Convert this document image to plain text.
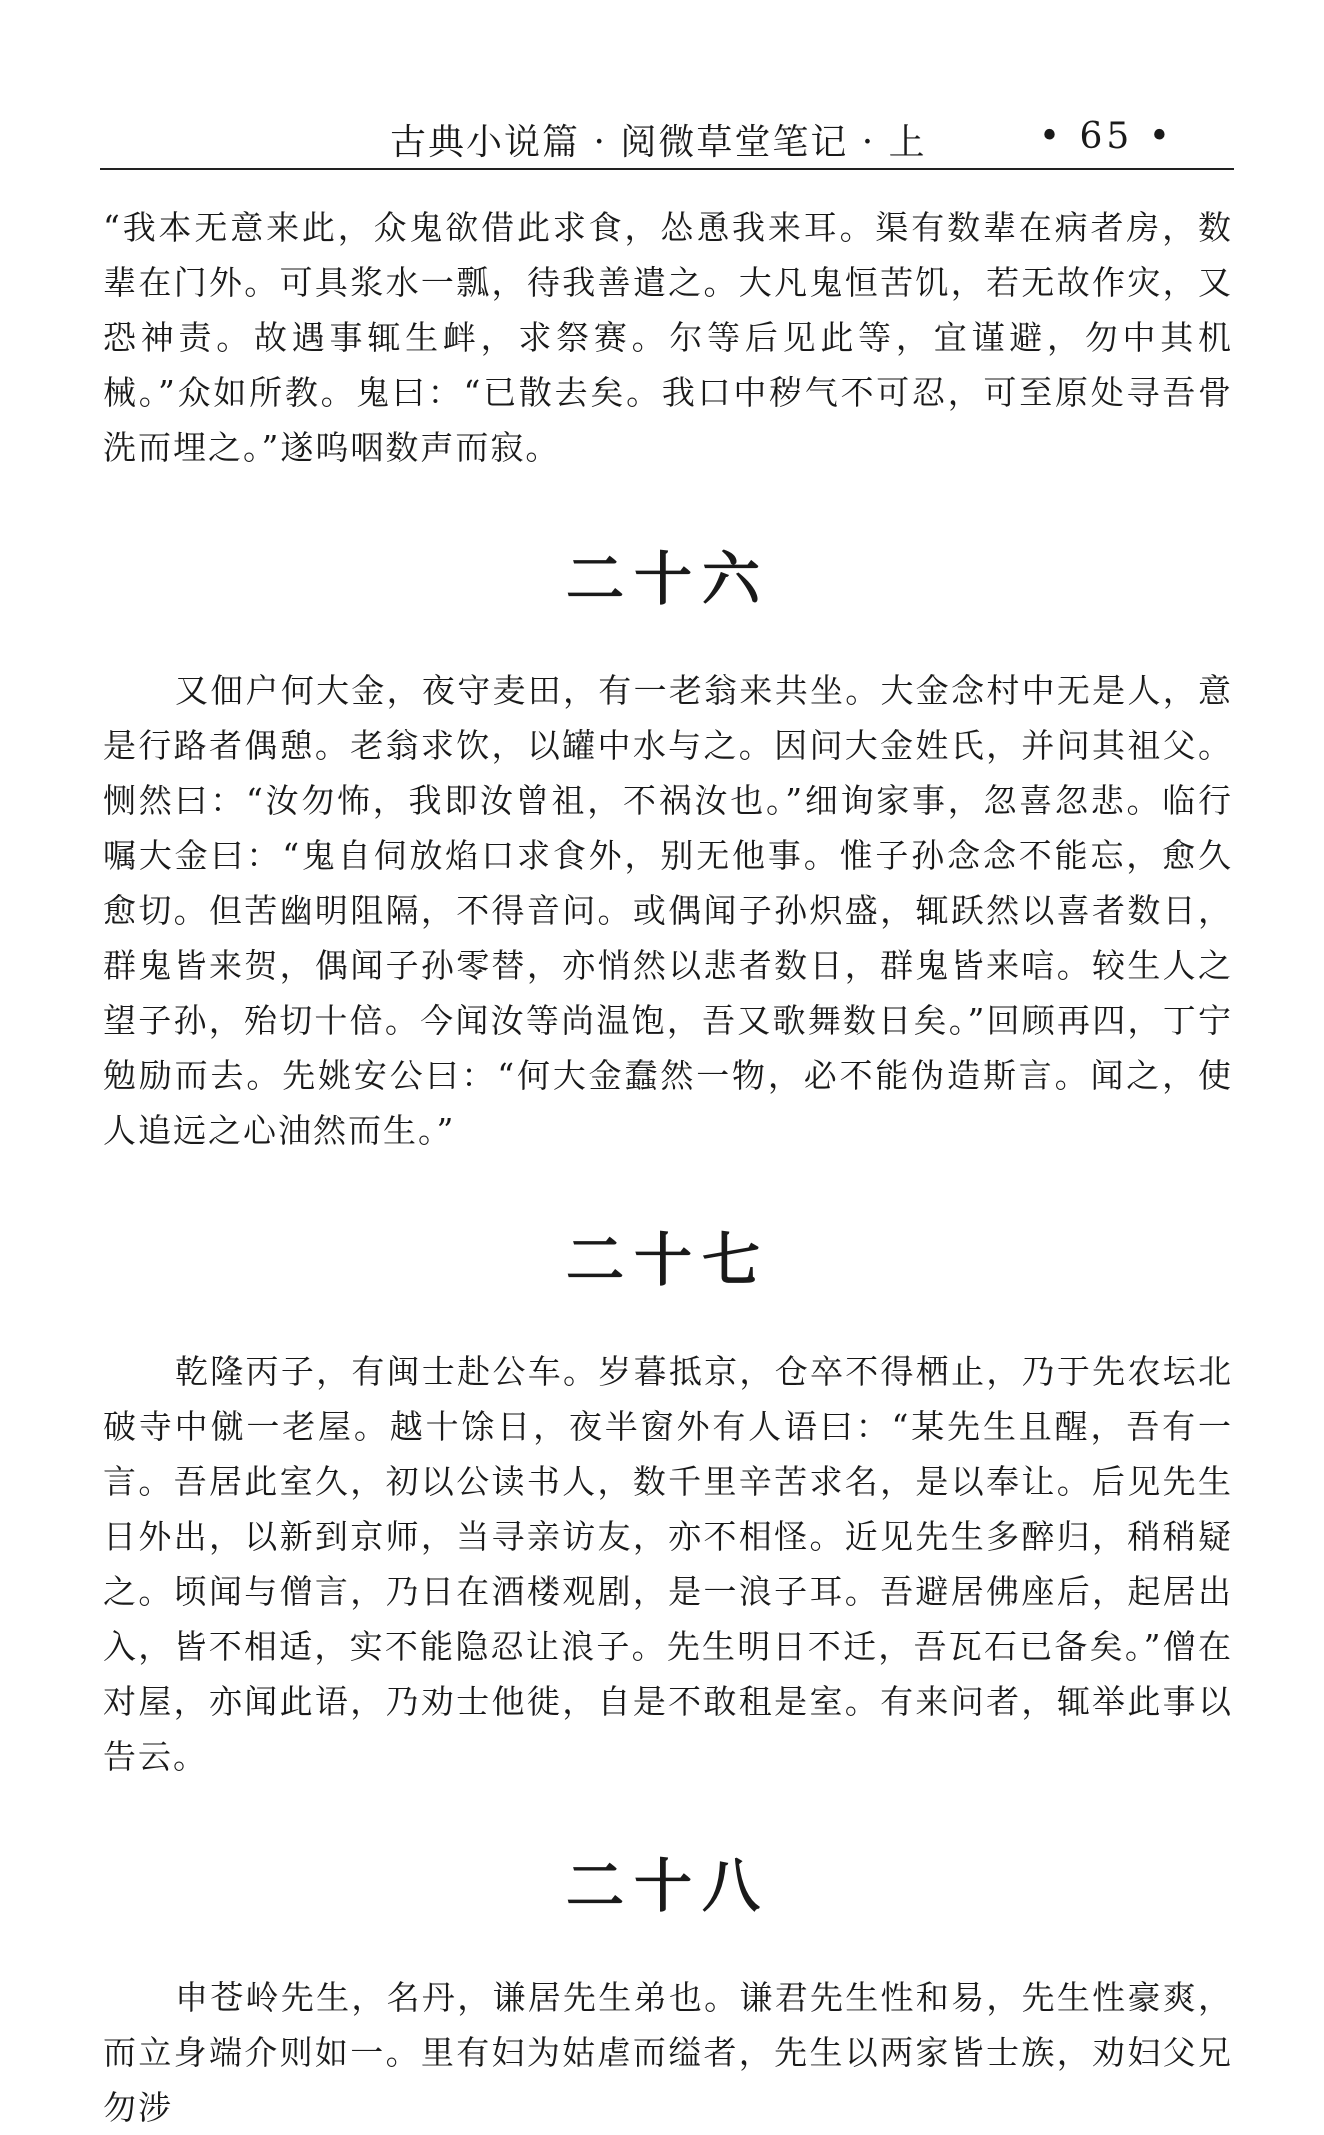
古典小说篇 · 阅微草堂笔记 · 上	• 65 •

“我本无意来此，众鬼欲借此求食，怂恿我来耳。渠有数辈在病者房，数辈在门外。可具浆水一瓢，待我善遣之。大凡鬼恒苦饥，若无故作灾，又恐神责。故遇事辄生衅，求祭赛。尔等后见此等，宜谨避，勿中其机械。”众如所教。鬼曰：“已散去矣。我口中秽气不可忍，可至原处寻吾骨洗而埋之。”遂呜咽数声而寂。

二十六

又佃户何大金，夜守麦田，有一老翁来共坐。大金念村中无是人，意是行路者偶憩。老翁求饮，以罐中水与之。因问大金姓氏，并问其祖父。恻然曰：“汝勿怖，我即汝曾祖，不祸汝也。”细询家事，忽喜忽悲。临行嘱大金曰：“鬼自伺放焰口求食外，别无他事。惟子孙念念不能忘，愈久愈切。但苦幽明阻隔，不得音问。或偶闻子孙炽盛，辄跃然以喜者数日，群鬼皆来贺，偶闻子孙零替，亦悄然以悲者数日，群鬼皆来唁。较生人之望子孙，殆切十倍。今闻汝等尚温饱，吾又歌舞数日矣。”回顾再四，丁宁勉励而去。先姚安公曰：“何大金蠢然一物，必不能伪造斯言。闻之，使人追远之心油然而生。”

二十七

乾隆丙子，有闽士赴公车。岁暮抵京，仓卒不得栖止，乃于先农坛北破寺中僦一老屋。越十馀日，夜半窗外有人语曰：“某先生且醒，吾有一言。吾居此室久，初以公读书人，数千里辛苦求名，是以奉让。后见先生日外出，以新到京师，当寻亲访友，亦不相怪。近见先生多醉归，稍稍疑之。顷闻与僧言，乃日在酒楼观剧，是一浪子耳。吾避居佛座后，起居出入，皆不相适，实不能隐忍让浪子。先生明日不迁，吾瓦石已备矣。”僧在对屋，亦闻此语，乃劝士他徙，自是不敢租是室。有来问者，辄举此事以告云。

二十八

申苍岭先生，名丹，谦居先生弟也。谦君先生性和易，先生性豪爽，而立身端介则如一。里有妇为姑虐而缢者，先生以两家皆士族，劝妇父兄勿涉
